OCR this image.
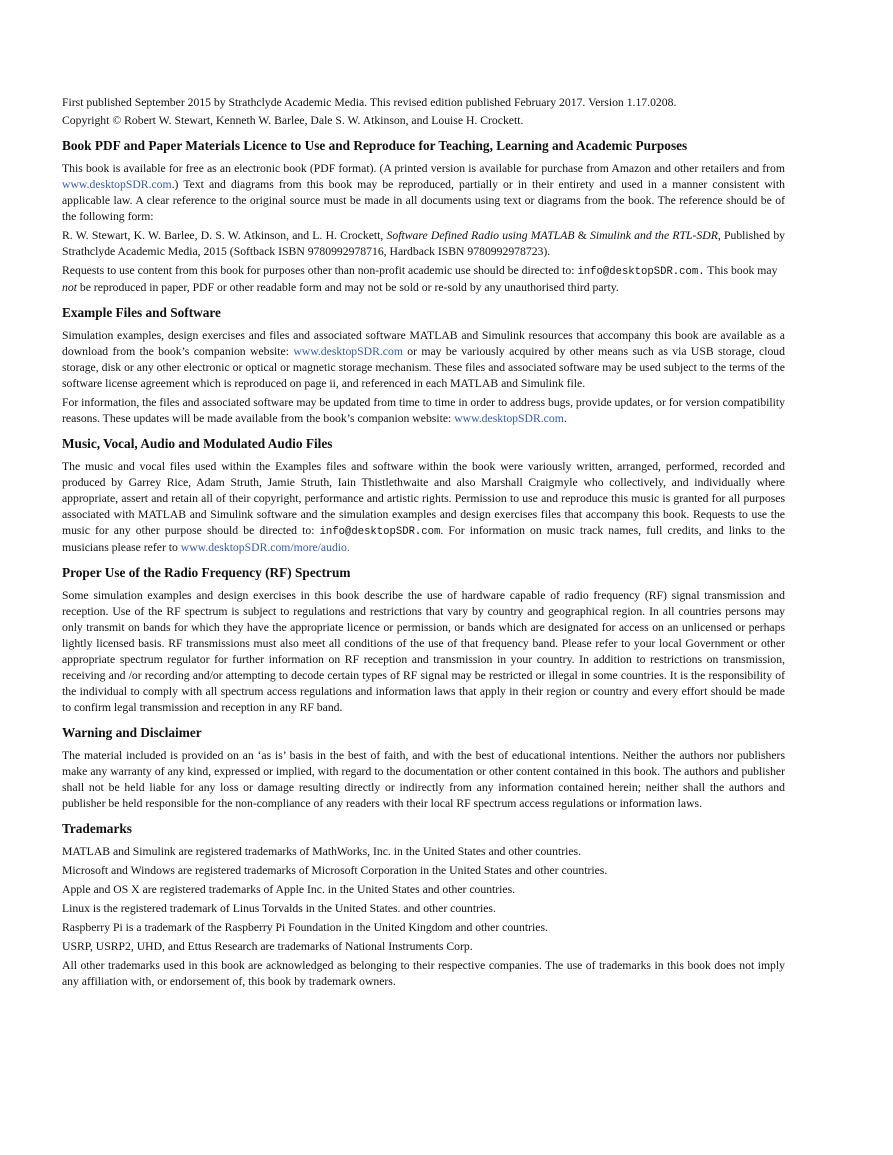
First published September 2015 by Strathclyde Academic Media. This revised edition published February 2017. Version 1.17.0208.

Copyright © Robert W. Stewart, Kenneth W. Barlee, Dale S. W. Atkinson, and Louise H. Crockett.

Book PDF and Paper Materials Licence to Use and Reproduce for Teaching, Learning and Academic Purposes

This book is available for free as an electronic book (PDF format). (A printed version is available for purchase from Amazon and other retailers and from www.desktopSDR.com.) Text and diagrams from this book may be reproduced, partially or in their entirety and used in a manner consistent with applicable law. A clear reference to the original source must be made in all documents using text or diagrams from the book. The reference should be of the following form:

R. W. Stewart, K. W. Barlee, D. S. W. Atkinson, and L. H. Crockett, Software Defined Radio using MATLAB & Simulink and the RTL-SDR, Published by Strathclyde Academic Media, 2015 (Softback ISBN 9780992978716, Hardback ISBN 9780992978723).

Requests to use content from this book for purposes other than non-profit academic use should be directed to: info@desktopSDR.com. This book may not be reproduced in paper, PDF or other readable form and may not be sold or re-sold by any unauthorised third party.

Example Files and Software

Simulation examples, design exercises and files and associated software MATLAB and Simulink resources that accompany this book are available as a download from the book’s companion website: www.desktopSDR.com or may be variously acquired by other means such as via USB storage, cloud storage, disk or any other electronic or optical or magnetic storage mechanism. These files and associated software may be used subject to the terms of the software license agreement which is reproduced on page ii, and referenced in each MATLAB and Simulink file.

For information, the files and associated software may be updated from time to time in order to address bugs, provide updates, or for version compatibility reasons. These updates will be made available from the book’s companion website: www.desktopSDR.com.

Music, Vocal, Audio and Modulated Audio Files

The music and vocal files used within the Examples files and software within the book were variously written, arranged, performed, recorded and produced by Garrey Rice, Adam Struth, Jamie Struth, Iain Thistlethwaite and also Marshall Craigmyle who collectively, and individually where appropriate, assert and retain all of their copyright, performance and artistic rights. Permission to use and reproduce this music is granted for all purposes associated with MATLAB and Simulink software and the simulation examples and design exercises files that accompany this book. Requests to use the music for any other purpose should be directed to: info@desktopSDR.com. For information on music track names, full credits, and links to the musicians please refer to www.desktopSDR.com/more/audio.

Proper Use of the Radio Frequency (RF) Spectrum

Some simulation examples and design exercises in this book describe the use of hardware capable of radio frequency (RF) signal transmission and reception. Use of the RF spectrum is subject to regulations and restrictions that vary by country and geographical region. In all countries persons may only transmit on bands for which they have the appropriate licence or permission, or bands which are designated for access on an unlicensed or perhaps lightly licensed basis. RF transmissions must also meet all conditions of the use of that frequency band. Please refer to your local Government or other appropriate spectrum regulator for further information on RF reception and transmission in your country. In addition to restrictions on transmission, receiving and /or recording and/or attempting to decode certain types of RF signal may be restricted or illegal in some countries. It is the responsibility of the individual to comply with all spectrum access regulations and information laws that apply in their region or country and every effort should be made to confirm legal transmission and reception in any RF band.

Warning and Disclaimer

The material included is provided on an ‘as is’ basis in the best of faith, and with the best of educational intentions. Neither the authors nor publishers make any warranty of any kind, expressed or implied, with regard to the documentation or other content contained in this book. The authors and publisher shall not be held liable for any loss or damage resulting directly or indirectly from any information contained herein; neither shall the authors and publisher be held responsible for the non-compliance of any readers with their local RF spectrum access regulations or information laws.

Trademarks

MATLAB and Simulink are registered trademarks of MathWorks, Inc. in the United States and other countries.

Microsoft and Windows are registered trademarks of Microsoft Corporation in the United States and other countries.

Apple and OS X are registered trademarks of Apple Inc. in the United States and other countries.

Linux is the registered trademark of Linus Torvalds in the United States. and other countries.

Raspberry Pi is a trademark of the Raspberry Pi Foundation in the United Kingdom and other countries.

USRP, USRP2, UHD, and Ettus Research are trademarks of National Instruments Corp.

All other trademarks used in this book are acknowledged as belonging to their respective companies. The use of trademarks in this book does not imply any affiliation with, or endorsement of, this book by trademark owners.
